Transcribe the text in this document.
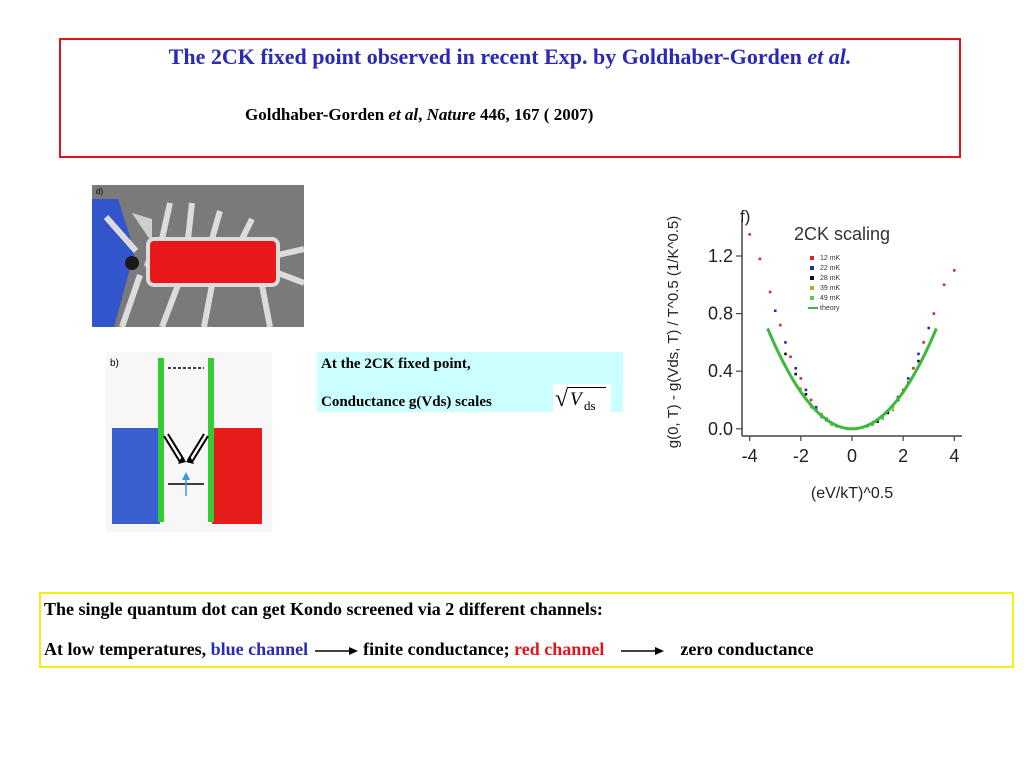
The 2CK fixed point observed in recent Exp. by Goldhaber-Gorden et al.
Goldhaber-Gorden et al, Nature 446, 167 ( 2007)
d)
b)	At the 2CK fixed point,
Conductance g(Vds) scales	√ V ds
-4 -2 0 2 4
0.0
0.4
0.8
1.2
f)
2CK scaling
g(0, T) - g(Vds, T) / T^0.5 (1/K^0.5)
(eV/kT)^0.5
12 mK
22 mK
28 mK
39 mK
49 mK
theory
The single quantum dot can get Kondo screened via 2 different channels:
At low temperatures, blue channel	finite conductance; red channel	zero conductance
